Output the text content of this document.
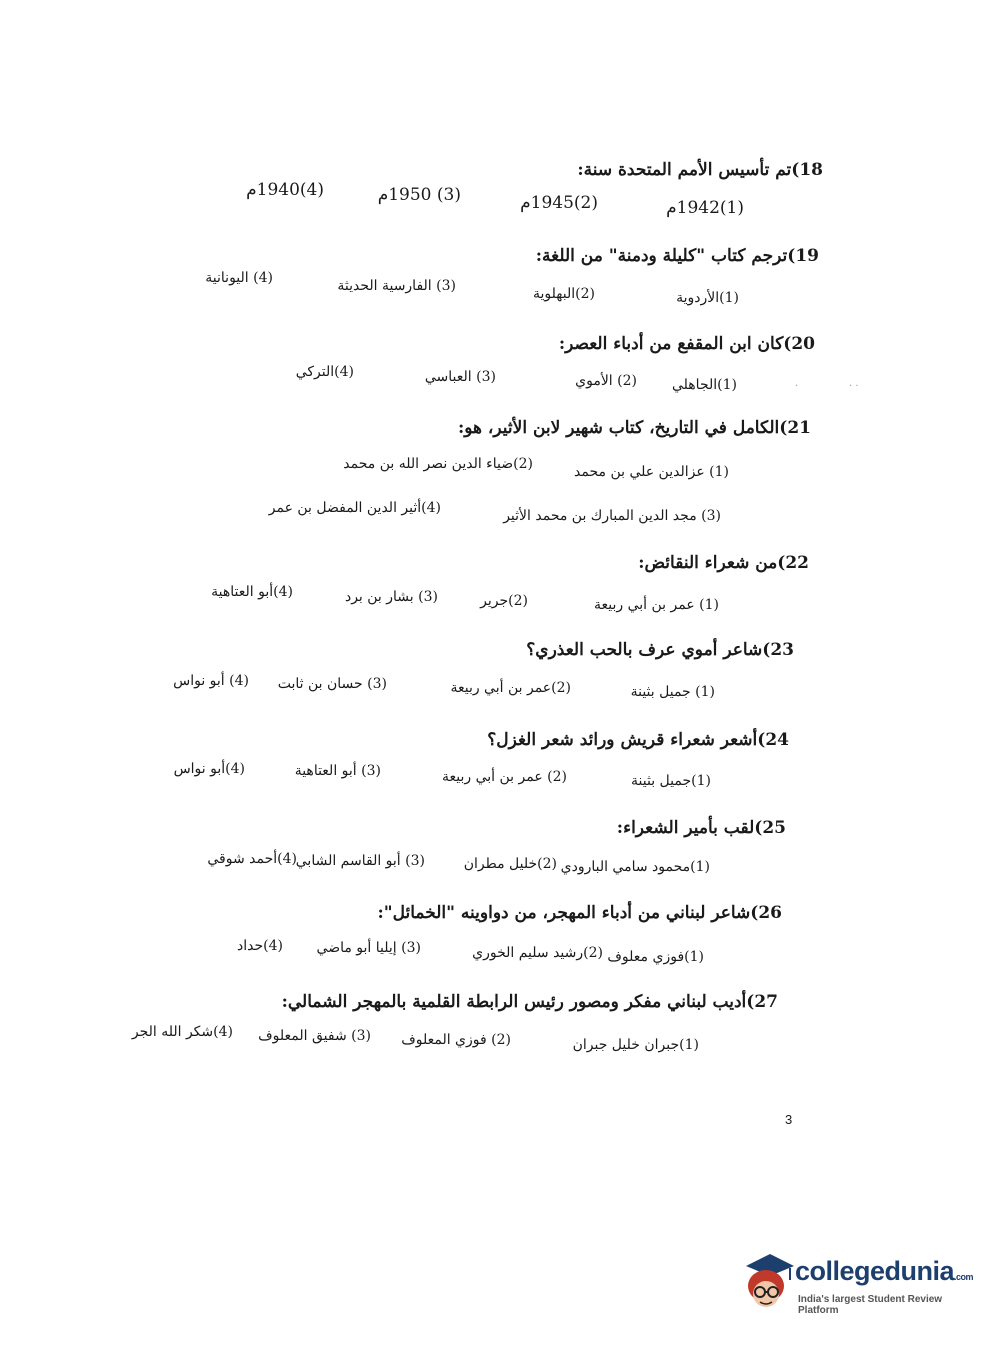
18)تم تأسيس الأمم المتحدة سنة:
(1)1942م
(2)1945م
(3) 1950م
(4)1940م
19)ترجم كتاب "كليلة ودمنة" من اللغة:
(1)الأردوية
(2)البهلوية
(3) الفارسية الحديثة
(4) اليونانية
20)كان ابن المقفع من أدباء العصر:
(1)الجاهلي
(2) الأموي
(3) العباسي
(4)التركي
.                . .
21)الكامل في التاريخ، كتاب شهير لابن الأثير، هو:
(1) عزالدين علي بن محمد
(2)ضياء الدين نصر الله بن محمد
(3) مجد الدين المبارك بن محمد الأثير
(4)أثير الدين المفضل بن عمر
22)من شعراء النقائض:
(1) عمر بن أبي ربيعة
(2)جرير
(3) بشار بن برد
(4)أبو العتاهية
23)شاعر أموي عرف بالحب العذري؟
(1) جميل بثينة
(2)عمر بن أبي ربيعة
(3) حسان بن ثابت
(4) أبو نواس
24)أشعر شعراء قريش ورائد شعر الغزل؟
(1)جميل بثينة
(2) عمر بن أبي ربيعة
(3) أبو العتاهية
(4)أبو نواس
25)لقب بأمير الشعراء:
(1)محمود سامي البارودي
(2)خليل مطران
(3) أبو القاسم الشابي
(4)أحمد شوقي
26)شاعر لبناني من أدباء المهجر، من دواوينه "الخمائل":
(1)فوزي معلوف
(2)رشيد سليم الخوري
(3) إيليا أبو ماضي
(4)حداد
27)أديب لبناني مفكر ومصور رئيس الرابطة القلمية بالمهجر الشمالي:
(1)جبران خليل جبران
(2) فوزي المعلوف
(3) شفيق المعلوف
(4)شكر الله الجر
3
collegedunia.com
India's largest Student Review Platform
